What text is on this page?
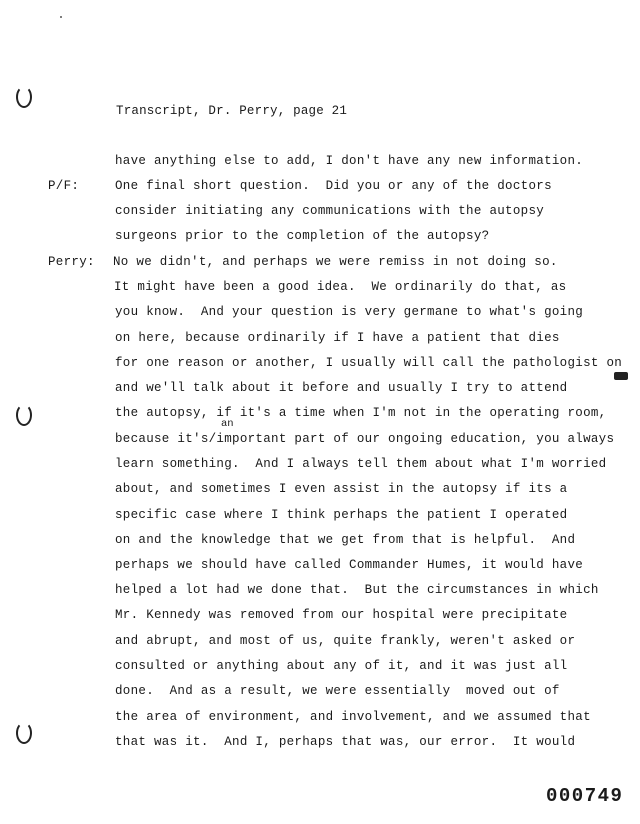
Transcript, Dr. Perry, page 21
P/F:
Perry:
have anything else to add, I don't have any new information.
One final short question.  Did you or any of the doctors
consider initiating any communications with the autopsy
surgeons prior to the completion of the autopsy?
No we didn't, and perhaps we were remiss in not doing so.
It might have been a good idea.  We ordinarily do that, as
you know.  And your question is very germane to what's going
on here, because ordinarily if I have a patient that dies
for one reason or another, I usually will call the pathologist on
and we'll talk about it before and usually I try to attend
the autopsy, if it's a time when I'm not in the operating room,
an
because it's/important part of our ongoing education, you always
learn something.  And I always tell them about what I'm worried
about, and sometimes I even assist in the autopsy if its a
specific case where I think perhaps the patient I operated
on and the knowledge that we get from that is helpful.  And
perhaps we should have called Commander Humes, it would have
helped a lot had we done that.  But the circumstances in which
Mr. Kennedy was removed from our hospital were precipitate
and abrupt, and most of us, quite frankly, weren't asked or
consulted or anything about any of it, and it was just all
done.  And as a result, we were essentially  moved out of
the area of environment, and involvement, and we assumed that
that was it.  And I, perhaps that was, our error.  It would
000749
